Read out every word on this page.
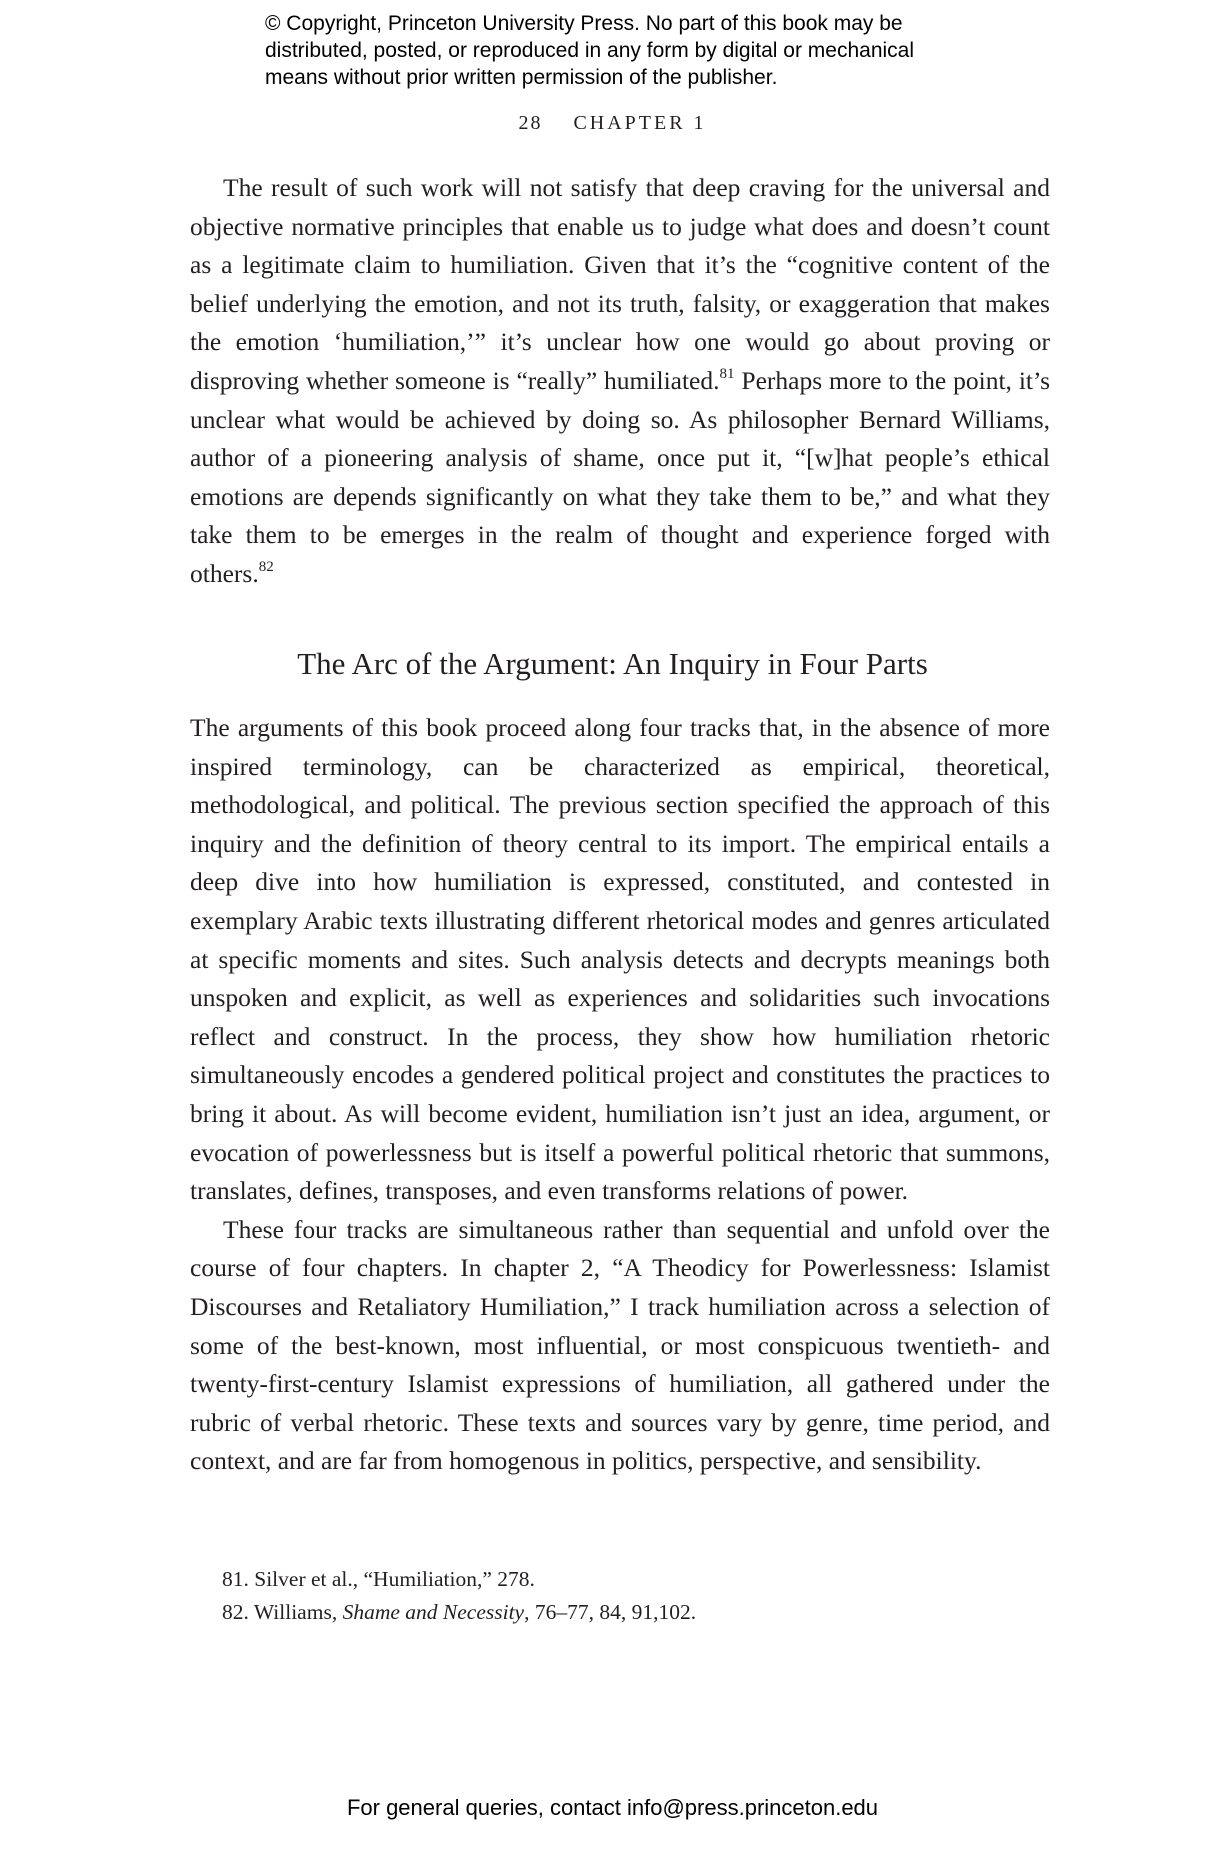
© Copyright, Princeton University Press. No part of this book may be
distributed, posted, or reproduced in any form by digital or mechanical
means without prior written permission of the publisher.
28 CHAPTER 1

The result of such work will not satisfy that deep craving for the universal and objective normative principles that enable us to judge what does and doesn’t count as a legitimate claim to humiliation. Given that it’s the “cognitive content of the belief underlying the emotion, and not its truth, falsity, or exaggeration that makes the emotion ‘humiliation,’” it’s unclear how one would go about proving or disproving whether someone is “really” humiliated.$^{81}$ Perhaps more to the point, it’s unclear what would be achieved by doing so. As philosopher Bernard Williams, author of a pioneering analysis of shame, once put it, “[w]hat people’s ethical emotions are depends significantly on what they take them to be,” and what they take them to be emerges in the realm of thought and experience forged with others.$^{82}$

The Arc of the Argument: An Inquiry in Four Parts

The arguments of this book proceed along four tracks that, in the absence of more inspired terminology, can be characterized as empirical, theoretical, methodological, and political. The previous section specified the approach of this inquiry and the definition of theory central to its import. The empirical entails a deep dive into how humiliation is expressed, constituted, and contested in exemplary Arabic texts illustrating different rhetorical modes and genres articulated at specific moments and sites. Such analysis detects and decrypts meanings both unspoken and explicit, as well as experiences and solidarities such invocations reflect and construct. In the process, they show how humiliation rhetoric simultaneously encodes a gendered political project and constitutes the practices to bring it about. As will become evident, humiliation isn’t just an idea, argument, or evocation of powerlessness but is itself a powerful political rhetoric that summons, translates, defines, transposes, and even transforms relations of power.

These four tracks are simultaneous rather than sequential and unfold over the course of four chapters. In chapter 2, “A Theodicy for Powerlessness: Islamist Discourses and Retaliatory Humiliation,” I track humiliation across a selection of some of the best-known, most influential, or most conspicuous twentieth- and twenty-first-century Islamist expressions of humiliation, all gathered under the rubric of verbal rhetoric. These texts and sources vary by genre, time period, and context, and are far from homogenous in politics, perspective, and sensibility.

81. Silver et al., “Humiliation,” 278.
82. Williams, Shame and Necessity, 76–77, 84, 91,102.
For general queries, contact info@press.princeton.edu
